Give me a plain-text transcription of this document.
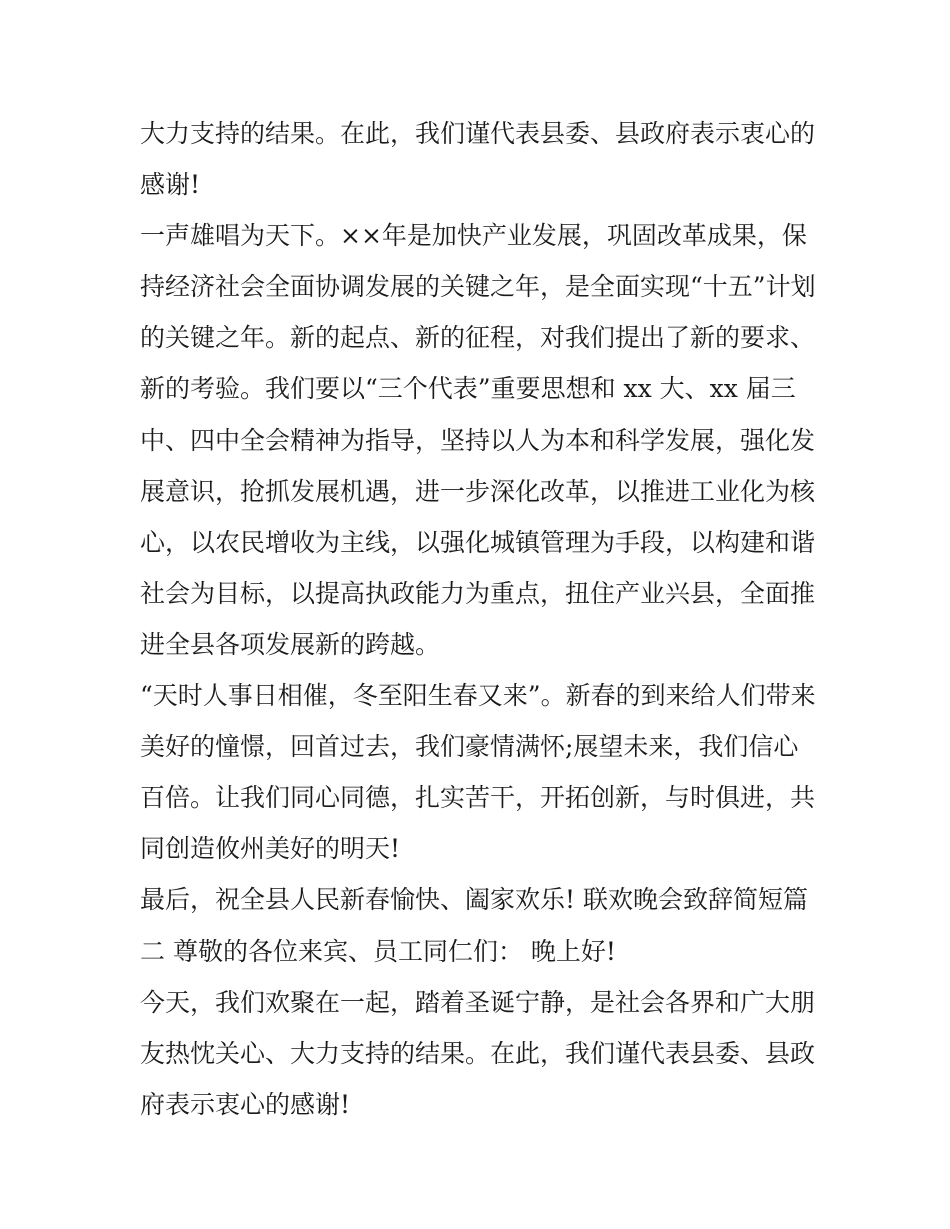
大力支持的结果。在此，我们谨代表县委、县政府表示衷心的
感谢!
一声雄唱为天下。××年是加快产业发展，巩固改革成果，保
持经济社会全面协调发展的关键之年，是全面实现“十五”计划
的关键之年。新的起点、新的征程，对我们提出了新的要求、
新的考验。我们要以“三个代表”重要思想和 xx 大、xx 届三
中、四中全会精神为指导，坚持以人为本和科学发展，强化发
展意识，抢抓发展机遇，进一步深化改革，以推进工业化为核
心，以农民增收为主线，以强化城镇管理为手段，以构建和谐
社会为目标，以提高执政能力为重点，扭住产业兴县，全面推
进全县各项发展新的跨越。
“天时人事日相催，冬至阳生春又来”。新春的到来给人们带来
美好的憧憬，回首过去，我们豪情满怀;展望未来，我们信心
百倍。让我们同心同德，扎实苦干，开拓创新，与时俱进，共
同创造攸州美好的明天!
最后，祝全县人民新春愉快、阖家欢乐! 联欢晚会致辞简短篇
二 尊敬的各位来宾、员工同仁们： 晚上好!
今天，我们欢聚在一起，踏着圣诞宁静，是社会各界和广大朋
友热忱关心、大力支持的结果。在此，我们谨代表县委、县政
府表示衷心的感谢!
